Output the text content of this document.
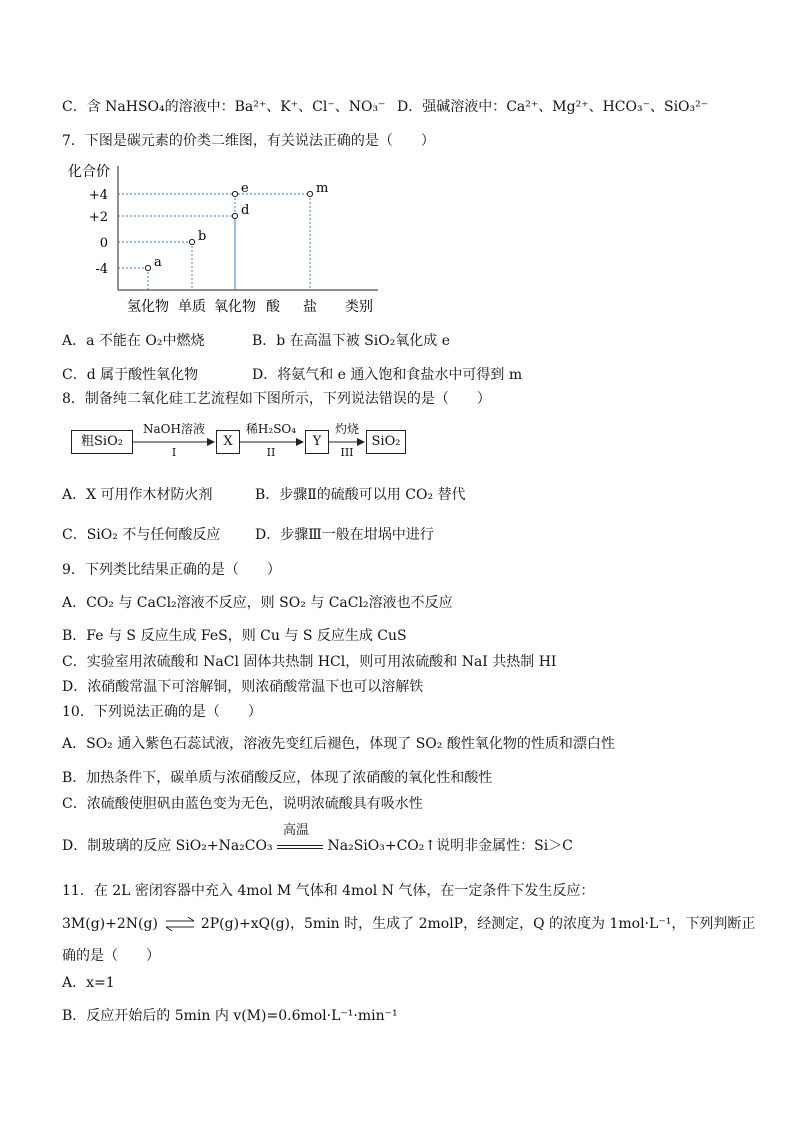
C．含 NaHSO₄的溶液中：Ba²⁺、K⁺、Cl⁻、NO₃⁻ D．强碱溶液中：Ca²⁺、Mg²⁺、HCO₃⁻、SiO₃²⁻
7．下图是碳元素的价类二维图，有关说法正确的是（　　）
化合价
类别
+4
+2
0
-4
氢化物 单质 氧化物 酸 盐
a
b
d
e	m
A．a 不能在 O₂中燃烧	B．b 在高温下被 SiO₂氧化成 e
C．d 属于酸性氧化物	D．将氨气和 e 通入饱和食盐水中可得到 m
8．制备纯二氧化硅工艺流程如下图所示，下列说法错误的是（　　）
粗SiO₂
NaOH溶液
I
X
稀H₂SO₄
II
Y
灼烧
III
SiO₂
A．X 可用作木材防火剂	B．步骤Ⅱ的硫酸可以用 CO₂ 替代
C．SiO₂ 不与任何酸反应 D．步骤Ⅲ一般在坩埚中进行
9．下列类比结果正确的是（　　）
A．CO₂ 与 CaCl₂溶液不反应，则 SO₂ 与 CaCl₂溶液也不反应
B．Fe 与 S 反应生成 FeS，则 Cu 与 S 反应生成 CuS
C．实验室用浓硫酸和 NaCl 固体共热制 HCl，则可用浓硫酸和 NaI 共热制 HI
D．浓硝酸常温下可溶解铜，则浓硝酸常温下也可以溶解铁
10．下列说法正确的是（　　）
A．SO₂ 通入紫色石蕊试液，溶液先变红后褪色，体现了 SO₂ 酸性氧化物的性质和漂白性
B．加热条件下，碳单质与浓硝酸反应，体现了浓硝酸的氧化性和酸性
C．浓硫酸使胆矾由蓝色变为无色，说明浓硫酸具有吸水性
D．制玻璃的反应 SiO₂+Na₂CO₃
高温
Na₂SiO₃+CO₂↑说明非金属性：Si＞C
11．在 2L 密闭容器中充入 4mol M 气体和 4mol N 气体，在一定条件下发生反应：
3M(g)+2N(g) ⇌ 2P(g)+xQ(g)，5min 时，生成了 2molP，经测定，Q 的浓度为 1mol·L⁻¹，下列判断正
确的是（　　）
A．x=1
B．反应开始后的 5min 内 v(M)=0.6mol·L⁻¹·min⁻¹
